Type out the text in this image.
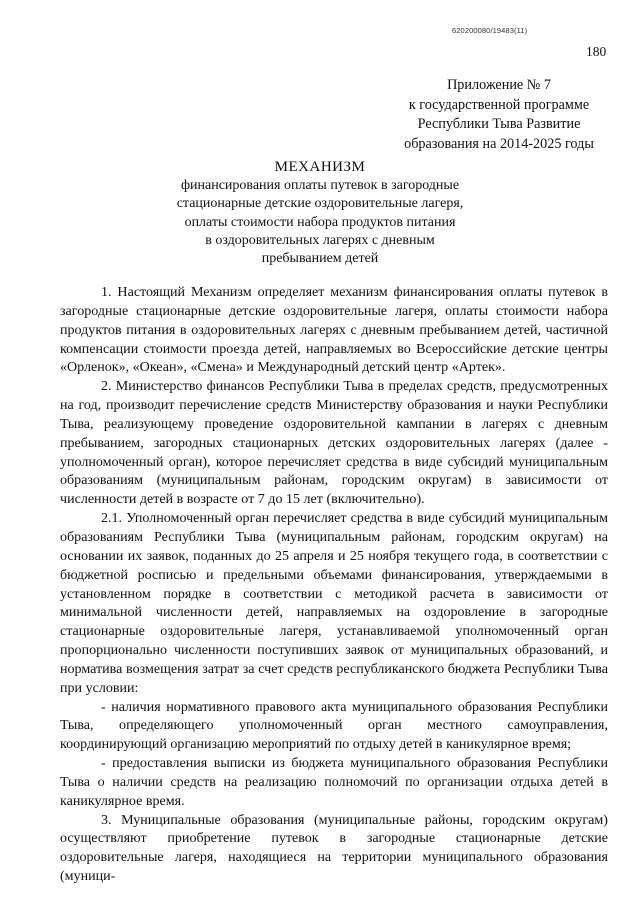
620200080/19483(11)
180
Приложение № 7
к государственной программе
Республики Тыва Развитие
образования на 2014-2025 годы
МЕХАНИЗМ
финансирования оплаты путевок в загородные
стационарные детские оздоровительные лагеря,
оплаты стоимости набора продуктов питания
в оздоровительных лагерях с дневным
пребыванием детей

1. Настоящий Механизм определяет механизм финансирования оплаты путевок в загородные стационарные детские оздоровительные лагеря, оплаты стоимости набора продуктов питания в оздоровительных лагерях с дневным пребыванием детей, частичной компенсации стоимости проезда детей, направляемых во Всероссийские детские центры «Орленок», «Океан», «Смена» и Международный детский центр «Артек».

2. Министерство финансов Республики Тыва в пределах средств, предусмотренных на год, производит перечисление средств Министерству образования и науки Республики Тыва, реализующему проведение оздоровительной кампании в лагерях с дневным пребыванием, загородных стационарных детских оздоровительных лагерях (далее - уполномоченный орган), которое перечисляет средства в виде субсидий муниципальным образованиям (муниципальным районам, городским округам) в зависимости от численности детей в возрасте от 7 до 15 лет (включительно).

2.1. Уполномоченный орган перечисляет средства в виде субсидий муниципальным образованиям Республики Тыва (муниципальным районам, городским округам) на основании их заявок, поданных до 25 апреля и 25 ноября текущего года, в соответствии с бюджетной росписью и предельными объемами финансирования, утверждаемыми в установленном порядке в соответствии с методикой расчета в зависимости от минимальной численности детей, направляемых на оздоровление в загородные стационарные оздоровительные лагеря, устанавливаемой уполномоченный орган пропорционально численности поступивших заявок от муниципальных образований, и норматива возмещения затрат за счет средств республиканского бюджета Республики Тыва при условии:

- наличия нормативного правового акта муниципального образования Республики Тыва, определяющего уполномоченный орган местного самоуправления, координирующий организацию мероприятий по отдыху детей в каникулярное время;

- предоставления выписки из бюджета муниципального образования Республики Тыва о наличии средств на реализацию полномочий по организации отдыха детей в каникулярное время.

3. Муниципальные образования (муниципальные районы, городским округам) осуществляют приобретение путевок в загородные стационарные детские оздоровительные лагеря, находящиеся на территории муниципального образования (муници-
